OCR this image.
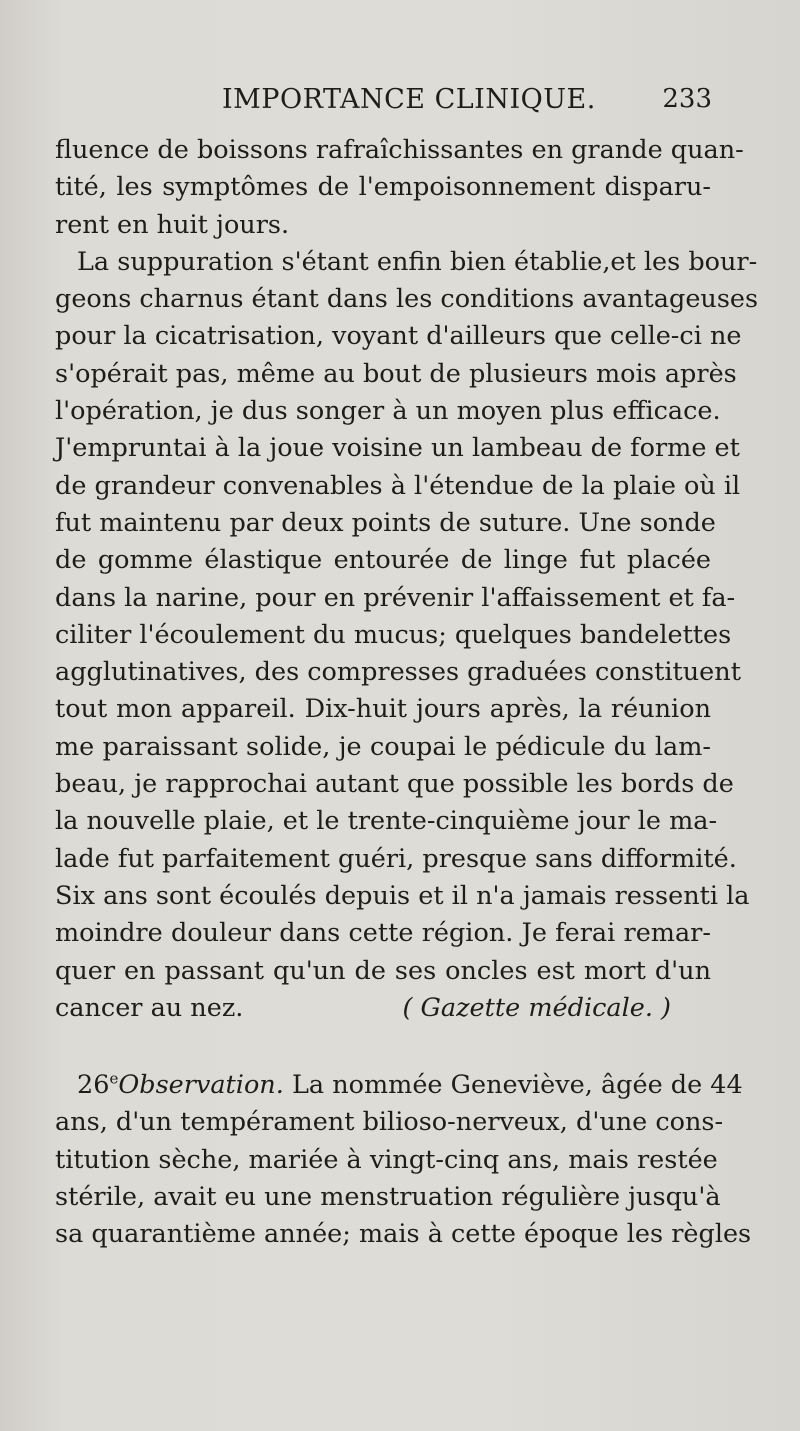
IMPORTANCE CLINIQUE.	233
fluence de boissons rafraîchissantes en grande quan-
tité, les symptômes de l'empoisonnement disparu-
rent en huit jours.
La suppuration s'étant enfin bien établie,et les bour-
geons charnus étant dans les conditions avantageuses
pour la cicatrisation, voyant d'ailleurs que celle-ci ne
s'opérait pas, même au bout de plusieurs mois après
l'opération, je dus songer à un moyen plus efficace.
J'empruntai à la joue voisine un lambeau de forme et
de grandeur convenables à l'étendue de la plaie où il
fut maintenu par deux points de suture. Une sonde
de gomme élastique entourée de linge fut placée
dans la narine, pour en prévenir l'affaissement et fa-
ciliter l'écoulement du mucus; quelques bandelettes
agglutinatives, des compresses graduées constituent
tout mon appareil. Dix-huit jours après, la réunion
me paraissant solide, je coupai le pédicule du lam-
beau, je rapprochai autant que possible les bords de
la nouvelle plaie, et le trente-cinquième jour le ma-
lade fut parfaitement guéri, presque sans difformité.
Six ans sont écoulés depuis et il n'a jamais ressenti la
moindre douleur dans cette région. Je ferai remar-
quer en passant qu'un de ses oncles est mort d'un
cancer au nez.	( Gazette médicale. )
26eObservation. La nommée Geneviève, âgée de 44
ans, d'un tempérament bilioso-nerveux, d'une cons-
titution sèche, mariée à vingt-cinq ans, mais restée
stérile, avait eu une menstruation régulière jusqu'à
sa quarantième année; mais à cette époque les règles
